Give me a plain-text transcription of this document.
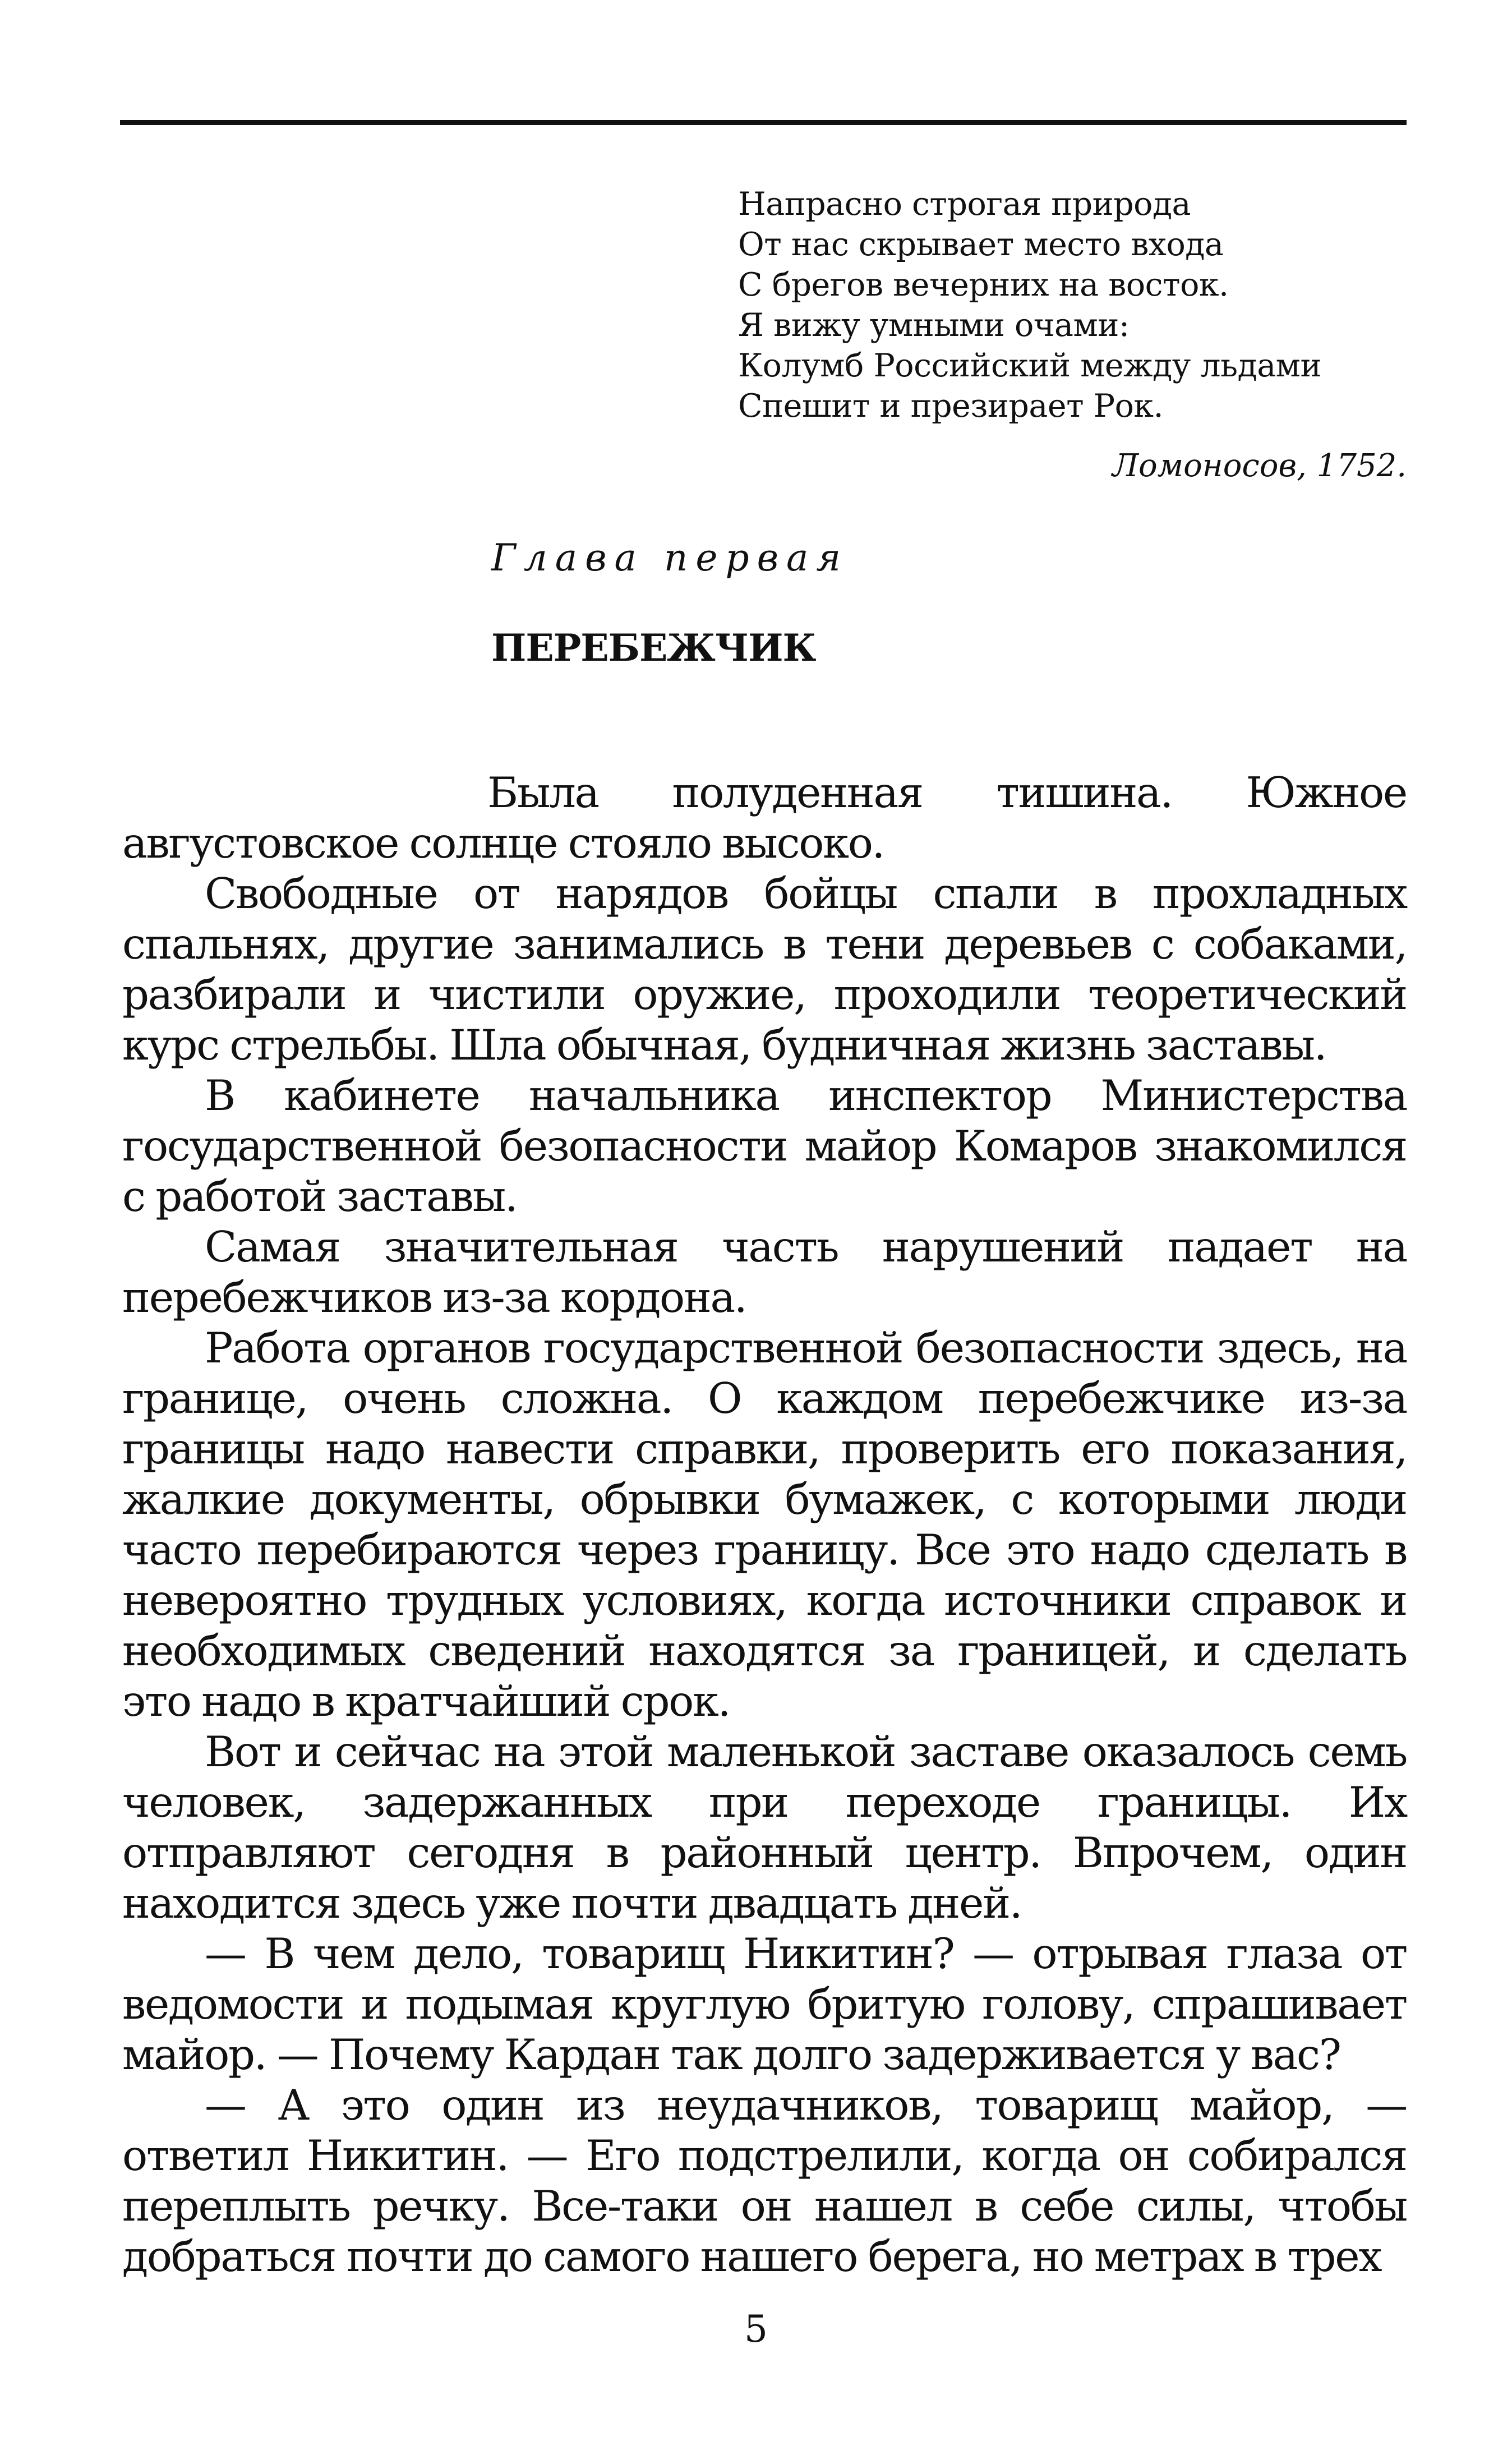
Напрасно строгая природа
От нас скрывает место входа
С брегов вечерних на восток.
Я вижу умными очами:
Колумб Российский между льдами
Спешит и презирает Рок.
Ломоносов, 1752.
Глава первая
ПЕРЕБЕЖЧИК

Была полуденная тишина. Южное августовское солнце стояло высоко.

Свободные от нарядов бойцы спали в прохладных спальнях, другие занимались в тени деревьев с собаками, разбирали и чистили оружие, проходили теоретический курс стрельбы. Шла обычная, будничная жизнь заставы.

В кабинете начальника инспектор Министерства государственной безопасности майор Комаров знакомился с работой заставы.

Самая значительная часть нарушений падает на перебежчиков из-за кордона.

Работа органов государственной безопасности здесь, на границе, очень сложна. О каждом перебежчике из-за границы надо навести справки, проверить его показания, жалкие документы, обрывки бумажек, с которыми люди часто перебираются через границу. Все это надо сделать в невероятно трудных условиях, когда источники справок и необходимых сведений находятся за границей, и сделать это надо в кратчайший срок.

Вот и сейчас на этой маленькой заставе оказалось семь человек, задержанных при переходе границы. Их отправляют сегодня в районный центр. Впрочем, один находится здесь уже почти двадцать дней.

— В чем дело, товарищ Никитин? — отрывая глаза от ведомости и подымая круглую бритую голову, спрашивает майор. — Почему Кардан так долго задерживается у вас?

— А это один из неудачников, товарищ майор, — ответил Никитин. — Его подстрелили, когда он собирался переплыть речку. Все-таки он нашел в себе силы, чтобы добраться почти до самого нашего берега, но метрах в трех

5
